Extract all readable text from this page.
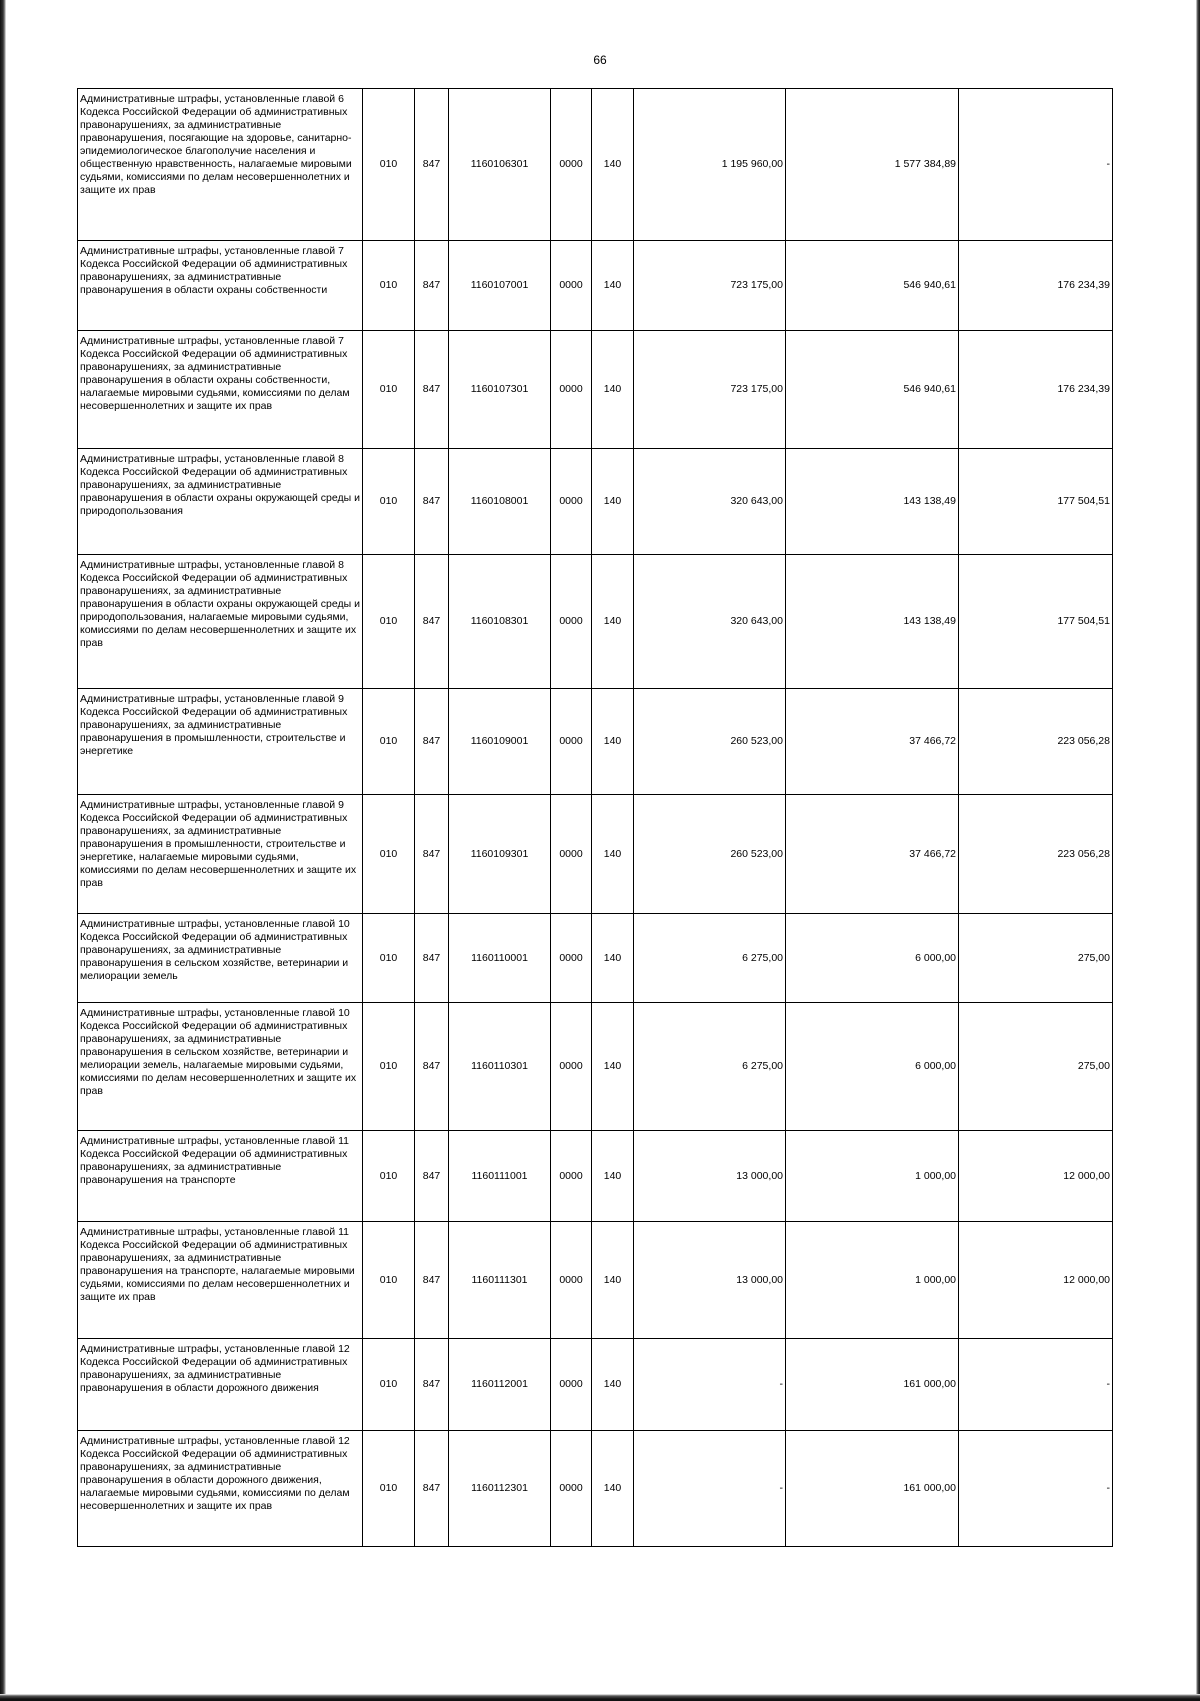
66
Административные штрафы, установленные главой 6 Кодекса Российской Федерации об административных правонарушениях, за административные правонарушения, посягающие на здоровье, санитарно-эпидемиологическое благополучие населения и общественную нравственность, налагаемые мировыми судьями, комиссиями по делам несовершеннолетних и защите их прав	010	847	1160106301	0000	140	1 195 960,00	1 577 384,89	-
Административные штрафы, установленные главой 7 Кодекса Российской Федерации об административных правонарушениях, за административные правонарушения в области охраны собственности	010	847	1160107001	0000	140	723 175,00	546 940,61	176 234,39
Административные штрафы, установленные главой 7 Кодекса Российской Федерации об административных правонарушениях, за административные правонарушения в области охраны собственности, налагаемые мировыми судьями, комиссиями по делам несовершеннолетних и защите их прав	010	847	1160107301	0000	140	723 175,00	546 940,61	176 234,39
Административные штрафы, установленные главой 8 Кодекса Российской Федерации об административных правонарушениях, за административные правонарушения в области охраны окружающей среды и природопользования	010	847	1160108001	0000	140	320 643,00	143 138,49	177 504,51
Административные штрафы, установленные главой 8 Кодекса Российской Федерации об административных правонарушениях, за административные правонарушения в области охраны окружающей среды и природопользования, налагаемые мировыми судьями, комиссиями по делам несовершеннолетних и защите их прав	010	847	1160108301	0000	140	320 643,00	143 138,49	177 504,51
Административные штрафы, установленные главой 9 Кодекса Российской Федерации об административных правонарушениях, за административные правонарушения в промышленности, строительстве и энергетике	010	847	1160109001	0000	140	260 523,00	37 466,72	223 056,28
Административные штрафы, установленные главой 9 Кодекса Российской Федерации об административных правонарушениях, за административные правонарушения в промышленности, строительстве и энергетике, налагаемые мировыми судьями, комиссиями по делам несовершеннолетних и защите их прав	010	847	1160109301	0000	140	260 523,00	37 466,72	223 056,28
Административные штрафы, установленные главой 10 Кодекса Российской Федерации об административных правонарушениях, за административные правонарушения в сельском хозяйстве, ветеринарии и мелиорации земель	010	847	1160110001	0000	140	6 275,00	6 000,00	275,00
Административные штрафы, установленные главой 10 Кодекса Российской Федерации об административных правонарушениях, за административные правонарушения в сельском хозяйстве, ветеринарии и мелиорации земель, налагаемые мировыми судьями, комиссиями по делам несовершеннолетних и защите их прав	010	847	1160110301	0000	140	6 275,00	6 000,00	275,00
Административные штрафы, установленные главой 11 Кодекса Российской Федерации об административных правонарушениях, за административные правонарушения на транспорте	010	847	1160111001	0000	140	13 000,00	1 000,00	12 000,00
Административные штрафы, установленные главой 11 Кодекса Российской Федерации об административных правонарушениях, за административные правонарушения на транспорте, налагаемые мировыми судьями, комиссиями по делам несовершеннолетних и защите их прав	010	847	1160111301	0000	140	13 000,00	1 000,00	12 000,00
Административные штрафы, установленные главой 12 Кодекса Российской Федерации об административных правонарушениях, за административные правонарушения в области дорожного движения	010	847	1160112001	0000	140	-	161 000,00	-
Административные штрафы, установленные главой 12 Кодекса Российской Федерации об административных правонарушениях, за административные правонарушения в области дорожного движения, налагаемые мировыми судьями, комиссиями по делам несовершеннолетних и защите их прав	010	847	1160112301	0000	140	-	161 000,00	-
